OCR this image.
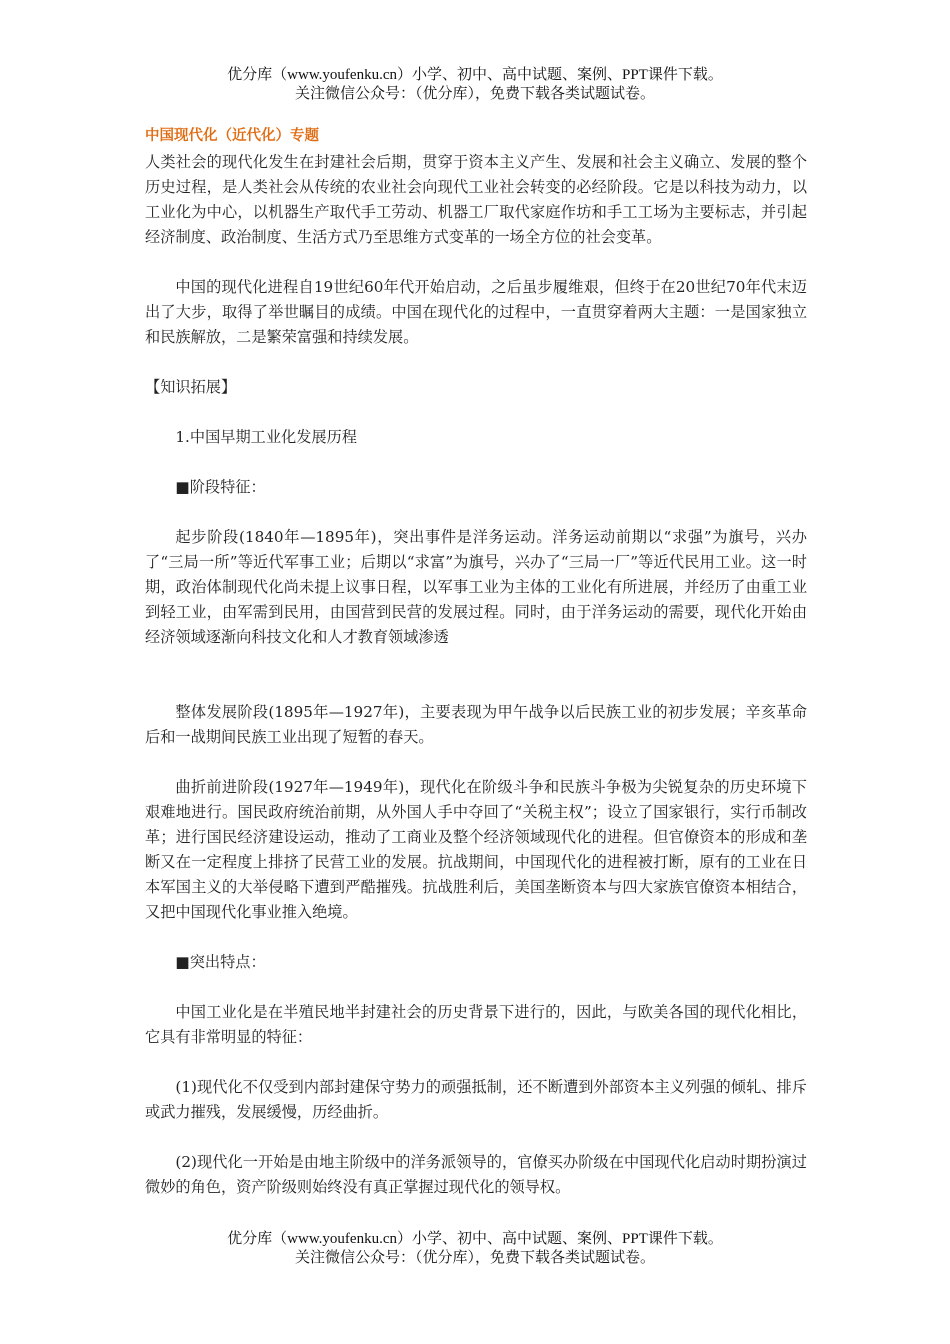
优分库（www.youfenku.cn）小学、初中、高中试题、案例、PPT课件下载。
关注微信公众号：（优分库），免费下载各类试题试卷。
中国现代化（近代化）专题

人类社会的现代化发生在封建社会后期，贯穿于资本主义产生、发展和社会主义确立、发展的整个历史过程，是人类社会从传统的农业社会向现代工业社会转变的必经阶段。它是以科技为动力，以工业化为中心，以机器生产取代手工劳动、机器工厂取代家庭作坊和手工工场为主要标志，并引起经济制度、政治制度、生活方式乃至思维方式变革的一场全方位的社会变革。

中国的现代化进程自19世纪60年代开始启动，之后虽步履维艰，但终于在20世纪70年代末迈出了大步，取得了举世瞩目的成绩。中国在现代化的过程中，一直贯穿着两大主题：一是国家独立和民族解放，二是繁荣富强和持续发展。

【知识拓展】

1.中国早期工业化发展历程

■阶段特征：

起步阶段(1840年—1895年)，突出事件是洋务运动。洋务运动前期以“求强”为旗号，兴办了“三局一所”等近代军事工业；后期以“求富”为旗号，兴办了“三局一厂”等近代民用工业。这一时期，政治体制现代化尚未提上议事日程，以军事工业为主体的工业化有所进展，并经历了由重工业到轻工业，由军需到民用，由国营到民营的发展过程。同时，由于洋务运动的需要，现代化开始由经济领域逐渐向科技文化和人才教育领域渗透

整体发展阶段(1895年—1927年)，主要表现为甲午战争以后民族工业的初步发展；辛亥革命后和一战期间民族工业出现了短暂的春天。

曲折前进阶段(1927年—1949年)，现代化在阶级斗争和民族斗争极为尖锐复杂的历史环境下艰难地进行。国民政府统治前期，从外国人手中夺回了“关税主权”；设立了国家银行，实行币制改革；进行国民经济建设运动，推动了工商业及整个经济领域现代化的进程。但官僚资本的形成和垄断又在一定程度上排挤了民营工业的发展。抗战期间，中国现代化的进程被打断，原有的工业在日本军国主义的大举侵略下遭到严酷摧残。抗战胜利后，美国垄断资本与四大家族官僚资本相结合，又把中国现代化事业推入绝境。

■突出特点：

中国工业化是在半殖民地半封建社会的历史背景下进行的，因此，与欧美各国的现代化相比，它具有非常明显的特征：

(1)现代化不仅受到内部封建保守势力的顽强抵制，还不断遭到外部资本主义列强的倾轧、排斥或武力摧残，发展缓慢，历经曲折。

(2)现代化一开始是由地主阶级中的洋务派领导的，官僚买办阶级在中国现代化启动时期扮演过微妙的角色，资产阶级则始终没有真正掌握过现代化的领导权。

优分库（www.youfenku.cn）小学、初中、高中试题、案例、PPT课件下载。
关注微信公众号：（优分库），免费下载各类试题试卷。
